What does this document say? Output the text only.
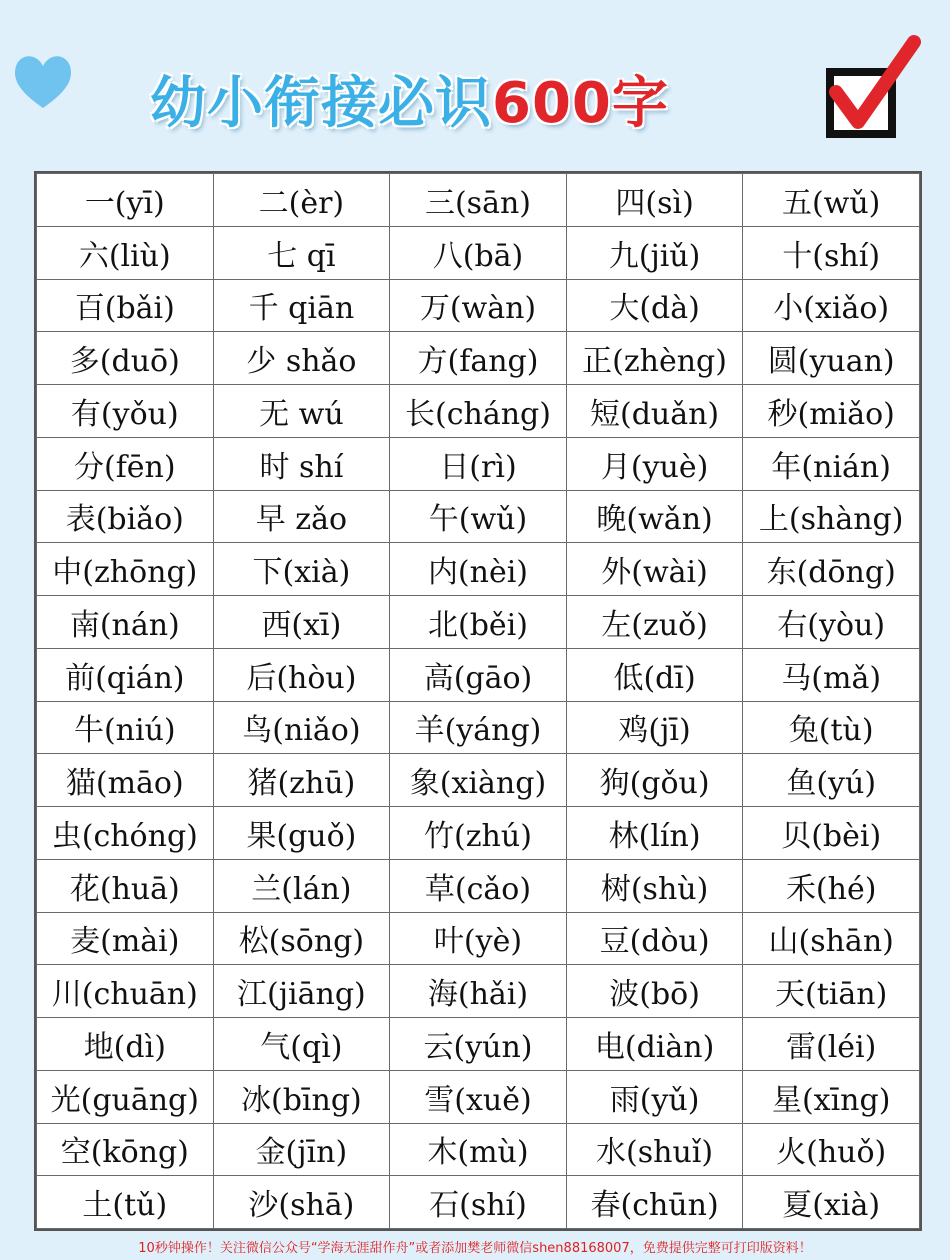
幼小衔接必识600字
一(yī)	二(èr)	三(sān)	四(sì)	五(wǔ)
六(liù)	七 qī	八(bā)	九(jiǔ)	十(shí)
百(bǎi)	千 qiān	万(wàn)	大(dà)	小(xiǎo)
多(duō)	少 shǎo	方(fang)	正(zhèng)	圆(yuan)
有(yǒu)	无 wú	长(cháng)	短(duǎn)	秒(miǎo)
分(fēn)	时 shí	日(rì)	月(yuè)	年(nián)
表(biǎo)	早 zǎo	午(wǔ)	晚(wǎn)	上(shàng)
中(zhōng)	下(xià)	内(nèi)	外(wài)	东(dōng)
南(nán)	西(xī)	北(běi)	左(zuǒ)	右(yòu)
前(qián)	后(hòu)	高(gāo)	低(dī)	马(mǎ)
牛(niú)	鸟(niǎo)	羊(yáng)	鸡(jī)	兔(tù)
猫(māo)	猪(zhū)	象(xiàng)	狗(gǒu)	鱼(yú)
虫(chóng)	果(guǒ)	竹(zhú)	林(lín)	贝(bèi)
花(huā)	兰(lán)	草(cǎo)	树(shù)	禾(hé)
麦(mài)	松(sōng)	叶(yè)	豆(dòu)	山(shān)
川(chuān)	江(jiāng)	海(hǎi)	波(bō)	天(tiān)
地(dì)	气(qì)	云(yún)	电(diàn)	雷(léi)
光(guāng)	冰(bīng)	雪(xuě)	雨(yǔ)	星(xīng)
空(kōng)	金(jīn)	木(mù)	水(shuǐ)	火(huǒ)
土(tǔ)	沙(shā)	石(shí)	春(chūn)	夏(xià)
10秒钟操作！关注微信公众号“学海无涯甜作舟”或者添加樊老师微信shen88168007，免费提供完整可打印版资料！
